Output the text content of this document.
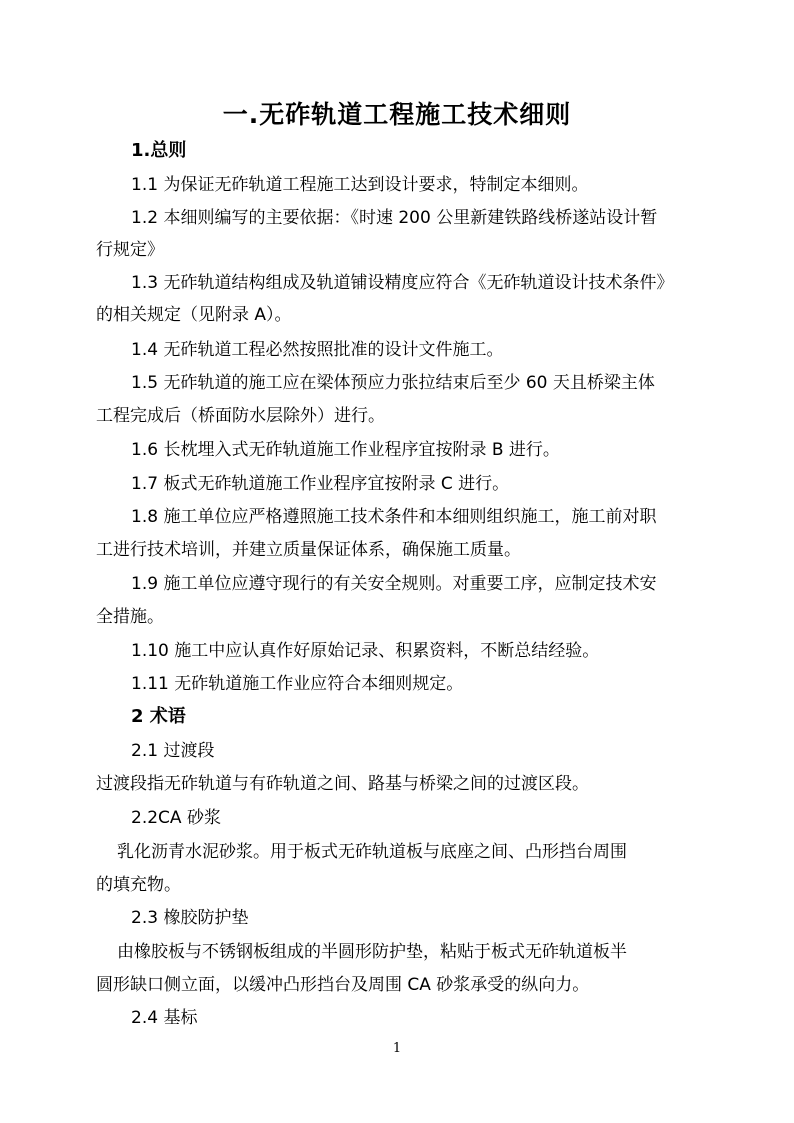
一.无砟轨道工程施工技术细则
1.总则
1.1 为保证无砟轨道工程施工达到设计要求，特制定本细则。
1.2 本细则编写的主要依据：《时速 200 公里新建铁路线桥遂站设计暂
行规定》
1.3 无砟轨道结构组成及轨道铺设精度应符合《无砟轨道设计技术条件》
的相关规定（见附录 A）。
1.4 无砟轨道工程必然按照批准的设计文件施工。
1.5 无砟轨道的施工应在梁体预应力张拉结束后至少 60 天且桥梁主体
工程完成后（桥面防水层除外）进行。
1.6 长枕埋入式无砟轨道施工作业程序宜按附录 B 进行。
1.7 板式无砟轨道施工作业程序宜按附录 C 进行。
1.8 施工单位应严格遵照施工技术条件和本细则组织施工，施工前对职
工进行技术培训，并建立质量保证体系，确保施工质量。
1.9 施工单位应遵守现行的有关安全规则。对重要工序，应制定技术安
全措施。
1.10 施工中应认真作好原始记录、积累资料，不断总结经验。
1.11 无砟轨道施工作业应符合本细则规定。
2 术语
2.1 过渡段
过渡段指无砟轨道与有砟轨道之间、路基与桥梁之间的过渡区段。
2.2CA 砂浆
乳化沥青水泥砂浆。用于板式无砟轨道板与底座之间、凸形挡台周围
的填充物。
2.3 橡胶防护垫
由橡胶板与不锈钢板组成的半圆形防护垫，粘贴于板式无砟轨道板半
圆形缺口侧立面，以缓冲凸形挡台及周围 CA 砂浆承受的纵向力。
2.4 基标
1
